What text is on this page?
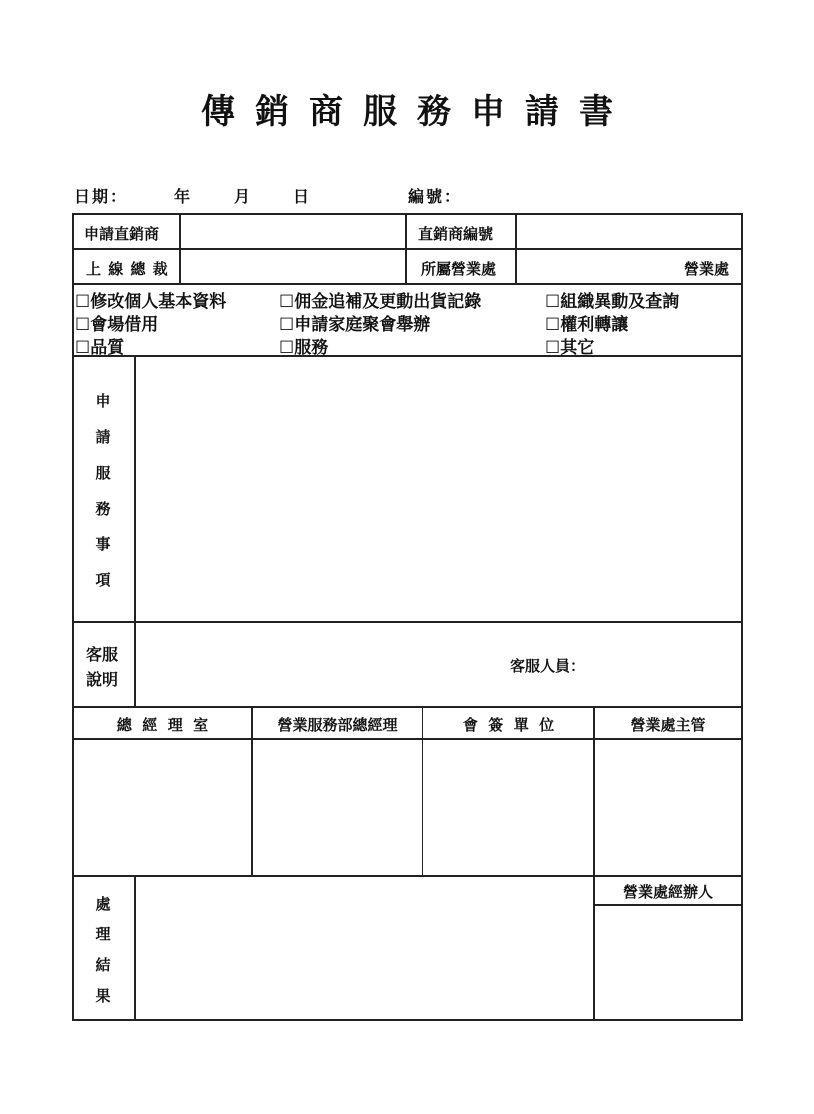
傳銷商服務申請書
日期：	年	月	日	編號：
申請直銷商	直銷商編號
上 線 總 裁	所屬營業處	營業處
☐修改個人基本資料	☐佣金追補及更動出貨記錄	☐組織異動及查詢
☐會場借用	☐申請家庭聚會舉辦	☐權利轉讓
☐品質	☐服務	☐其它
申
請
服
務
事
項
客服
說明
客服人員：
總  經  理  室	營業服務部總經理	會  簽  單  位	營業處主管
處
理
結
果
營業處經辦人
